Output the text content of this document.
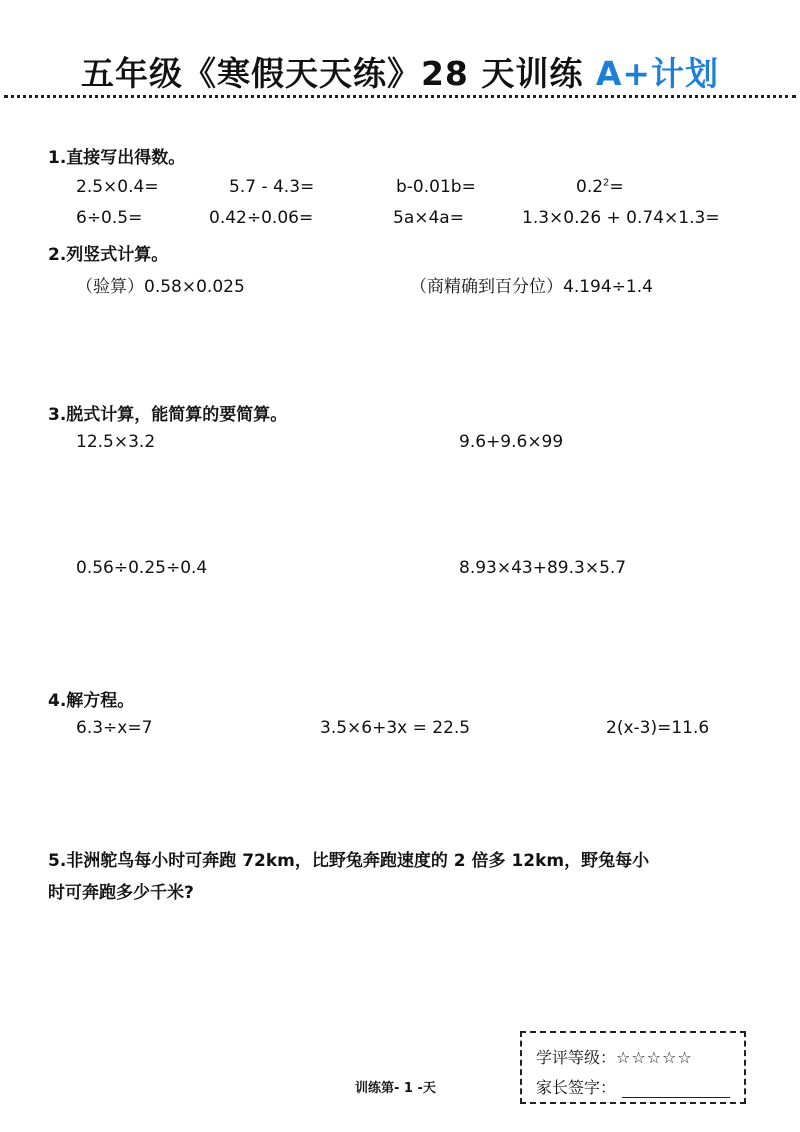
五年级《寒假天天练》28 天训练 A+计划
1.直接写出得数。
2.5×0.4=	5.7 - 4.3=	b-0.01b=	$0.2^2=$
6÷0.5=	0.42÷0.06=	5a×4a=	1.3×0.26 + 0.74×1.3=
2.列竖式计算。
（验算）0.58×0.025	（商精确到百分位）4.194÷1.4
3.脱式计算，能简算的要简算。
12.5×3.2	9.6+9.6×99
0.56÷0.25÷0.4	8.93×43+89.3×5.7
4.解方程。
6.3÷x=7	3.5×6+3x = 22.5	2(x-3)=11.6
5.非洲鸵鸟每小时可奔跑 72km，比野兔奔跑速度的 2 倍多 12km，野兔每小
时可奔跑多少千米?
训练第- 1 -天
学评等级：☆☆☆☆☆
家长签字：
